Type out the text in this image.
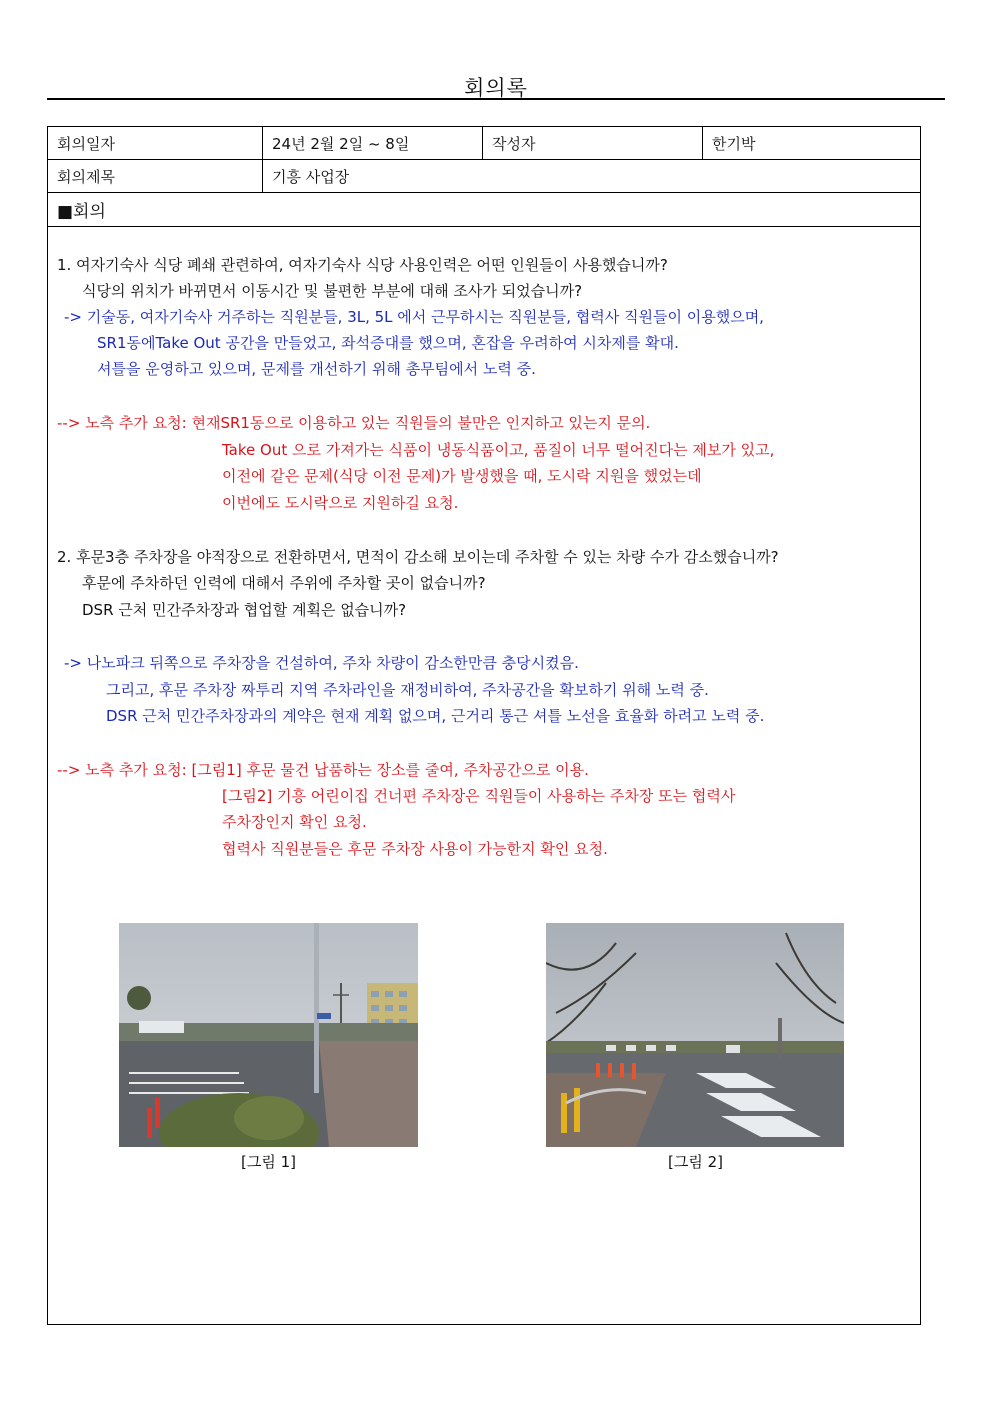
회의록
회의일자	24년 2월 2일 ~ 8일	작성자	한기박
회의제목	기흥 사업장
■회의
1. 여자기숙사 식당 폐쇄 관련하여, 여자기숙사 식당 사용인력은 어떤 인원들이 사용했습니까?
식당의 위치가 바뀌면서 이동시간 및 불편한 부분에 대해 조사가 되었습니까?
-> 기술동, 여자기숙사 거주하는 직원분들, 3L, 5L 에서 근무하시는 직원분들, 협력사 직원들이 이용했으며,
SR1동에Take Out 공간을 만들었고, 좌석증대를 했으며, 혼잡을 우려하여 시차제를 확대.
셔틀을 운영하고 있으며, 문제를 개선하기 위해 총무팀에서 노력 중.
--> 노측 추가 요청: 현재SR1동으로 이용하고 있는 직원들의 불만은 인지하고 있는지 문의.
Take Out 으로 가져가는 식품이 냉동식품이고, 품질이 너무 떨어진다는 제보가 있고,
이전에 같은 문제(식당 이전 문제)가 발생했을 때, 도시락 지원을 했었는데
이번에도 도시락으로 지원하길 요청.
2. 후문3층 주차장을 야적장으로 전환하면서, 면적이 감소해 보이는데 주차할 수 있는 차량 수가 감소했습니까?
후문에 주차하던 인력에 대해서 주위에 주차할 곳이 없습니까?
DSR 근처 민간주차장과 협업할 계획은 없습니까?
-> 나노파크 뒤쪽으로 주차장을 건설하여, 주차 차량이 감소한만큼 충당시켰음.
그리고, 후문 주차장 짜투리 지역 주차라인을 재정비하여, 주차공간을 확보하기 위해 노력 중.
DSR 근처 민간주차장과의 계약은 현재 계획 없으며, 근거리 통근 셔틀 노선을 효율화 하려고 노력 중.
--> 노측 추가 요청: [그림1] 후문 물건 납품하는 장소를 줄여, 주차공간으로 이용.
[그림2] 기흥 어린이집 건너편 주차장은 직원들이 사용하는 주차장 또는 협력사
주차장인지 확인 요청.
협력사 직원분들은 후문 주차장 사용이 가능한지 확인 요청.
[그림 1]	[그림 2]
